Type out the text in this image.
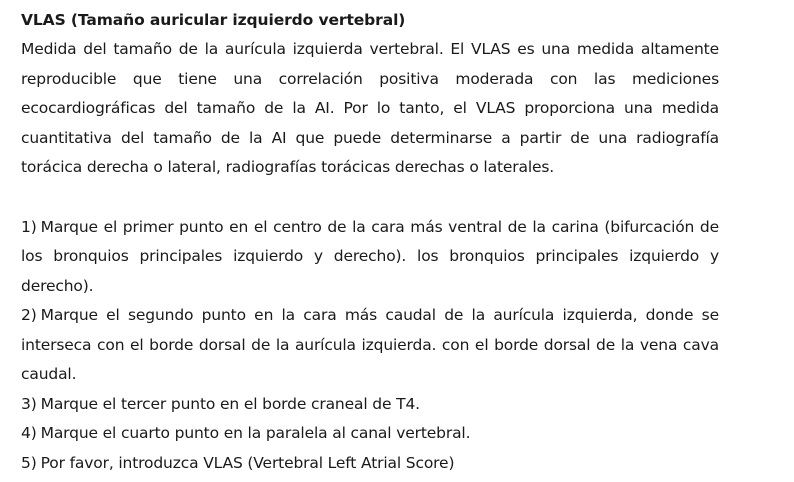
VLAS (Tamaño auricular izquierdo vertebral)

Medida del tamaño de la aurícula izquierda vertebral. El VLAS es una medida altamente reproducible que tiene una correlación positiva moderada con las mediciones ecocardiográficas del tamaño de la AI. Por lo tanto, el VLAS proporciona una medida cuantitativa del tamaño de la AI que puede determinarse a partir de una radiografía torácica derecha o lateral, radiografías torácicas derechas o laterales.

1) Marque el primer punto en el centro de la cara más ventral de la carina (bifurcación de los bronquios principales izquierdo y derecho). los bronquios principales izquierdo y derecho).
2) Marque el segundo punto en la cara más caudal de la aurícula izquierda, donde se interseca con el borde dorsal de la aurícula izquierda. con el borde dorsal de la vena cava caudal.
3) Marque el tercer punto en el borde craneal de T4.
4) Marque el cuarto punto en la paralela al canal vertebral.
5) Por favor, introduzca VLAS (Vertebral Left Atrial Score)
